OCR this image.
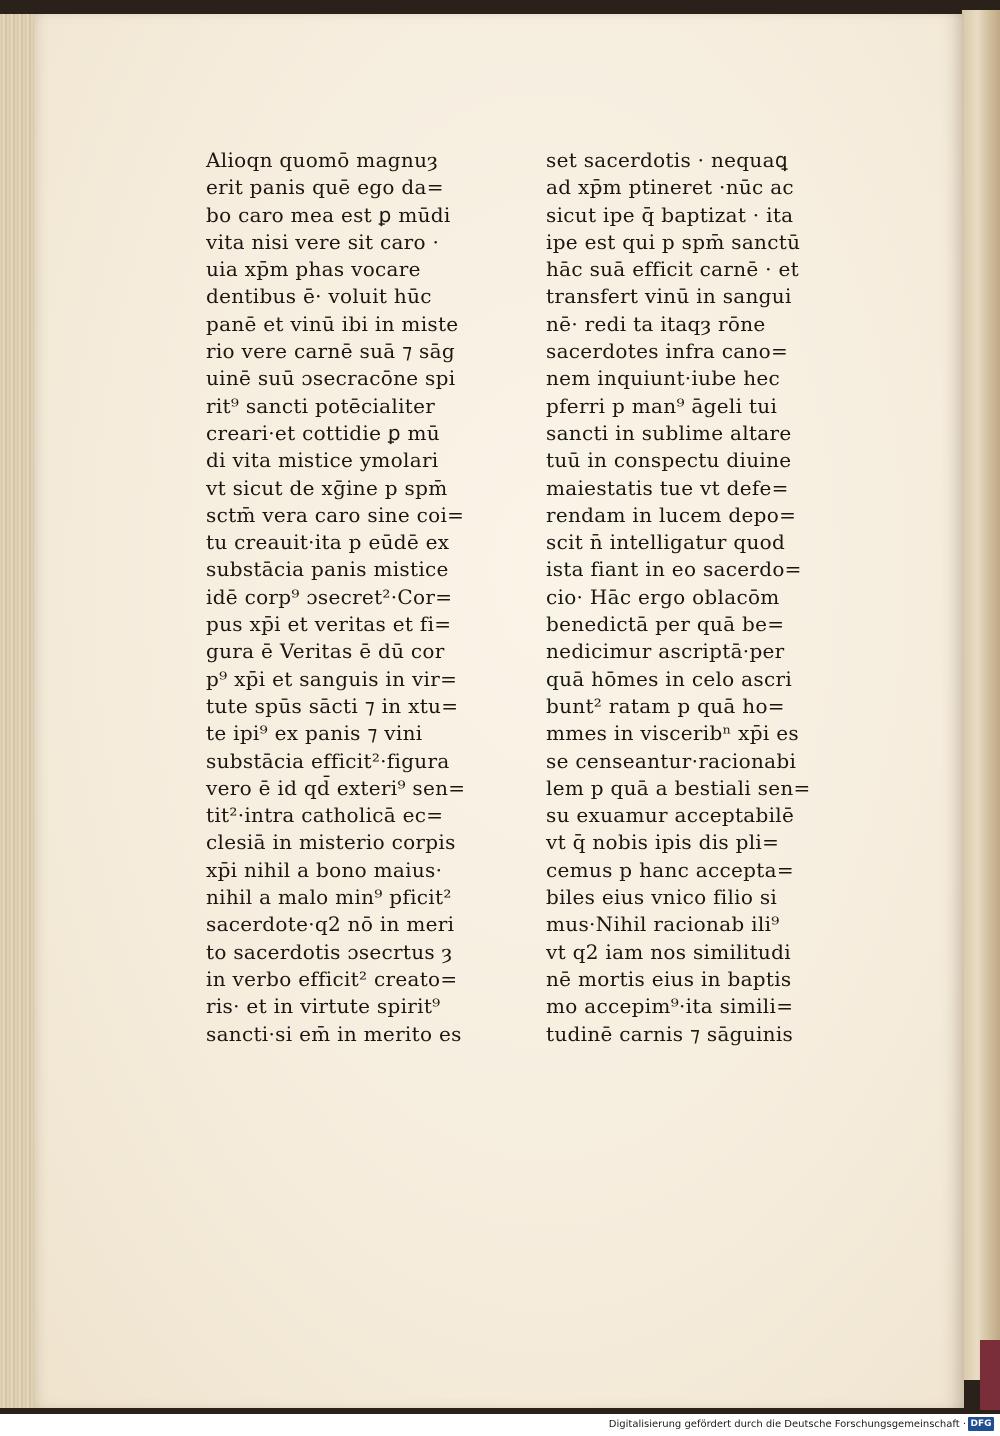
Alioqn quomō magnuȝ
erit panis quē ego da=
bo caro mea est ꝑ mūdi
vita nisi vere sit caro ·
uia xp̄m phas vocare
dentibus ē· voluit hūc
panē et vinū ibi in miste
rio vere carnē suā ⁊ sāg
uinē suū ɔsecracōne spi
rit⁹ sancti potēcialiter
creari·et cottidie ꝑ mū
di vita mistice ymolari
vt sicut de xḡine p spm̄
sctm̄ vera caro sine coi=
tu creauit·ita p eūdē ex
substācia panis mistice
idē corp⁹ ɔsecret²·Cor=
pus xp̄i et veritas et fi=
gura ē Veritas ē dū cor
p⁹ xp̄i et sanguis in vir=
tute spūs sācti ⁊ in xtu=
te ipi⁹ ex panis ⁊ vini
substācia efficit²·figura
vero ē id qd̄ exteri⁹ sen=
tit²·intra catholicā ec=
clesiā in misterio corpis
xp̄i nihil a bono maius·
nihil a malo min⁹ pficit²
sacerdote·q2 nō in meri
to sacerdotis ɔsecrtus ȝ
in verbo efficit² creato=
ris· et in virtute spirit⁹
sancti·si em̄ in merito es
set sacerdotis · nequaꝗ
ad xp̄m ptineret ·nūc ac
sicut ipe q̄ baptizat · ita
ipe est qui p spm̄ sanctū
hāc suā efficit carnē · et
transfert vinū in sangui
nē· redi ta itaqȝ rōne
sacerdotes infra cano=
nem inquiunt·iube hec
pferri p man⁹ āgeli tui
sancti in sublime altare
tuū in conspectu diuine
maiestatis tue vt defe=
rendam in lucem depo=
scit n̄ intelligatur quod
ista fiant in eo sacerdo=
cio· Hāc ergo oblacōm
benedictā per quā be=
nedicimur ascriptā·per
quā hōmes in celo ascri
bunt² ratam p quā ho=
mmes in visceribⁿ xp̄i es
se censeantur·racionabi
lem p quā a bestiali sen=
su exuamur acceptabilē
vt q̄ nobis ipis dis pli=
cemus p hanc accepta=
biles eius vnico filio si
mus·Nihil racionab ili⁹
vt q2 iam nos similitudi
nē mortis eius in baptis
mo accepim⁹·ita simili=
tudinē carnis ⁊ sāguinis
Digitalisierung gefördert durch die Deutsche Forschungsgemeinschaft · DFG
